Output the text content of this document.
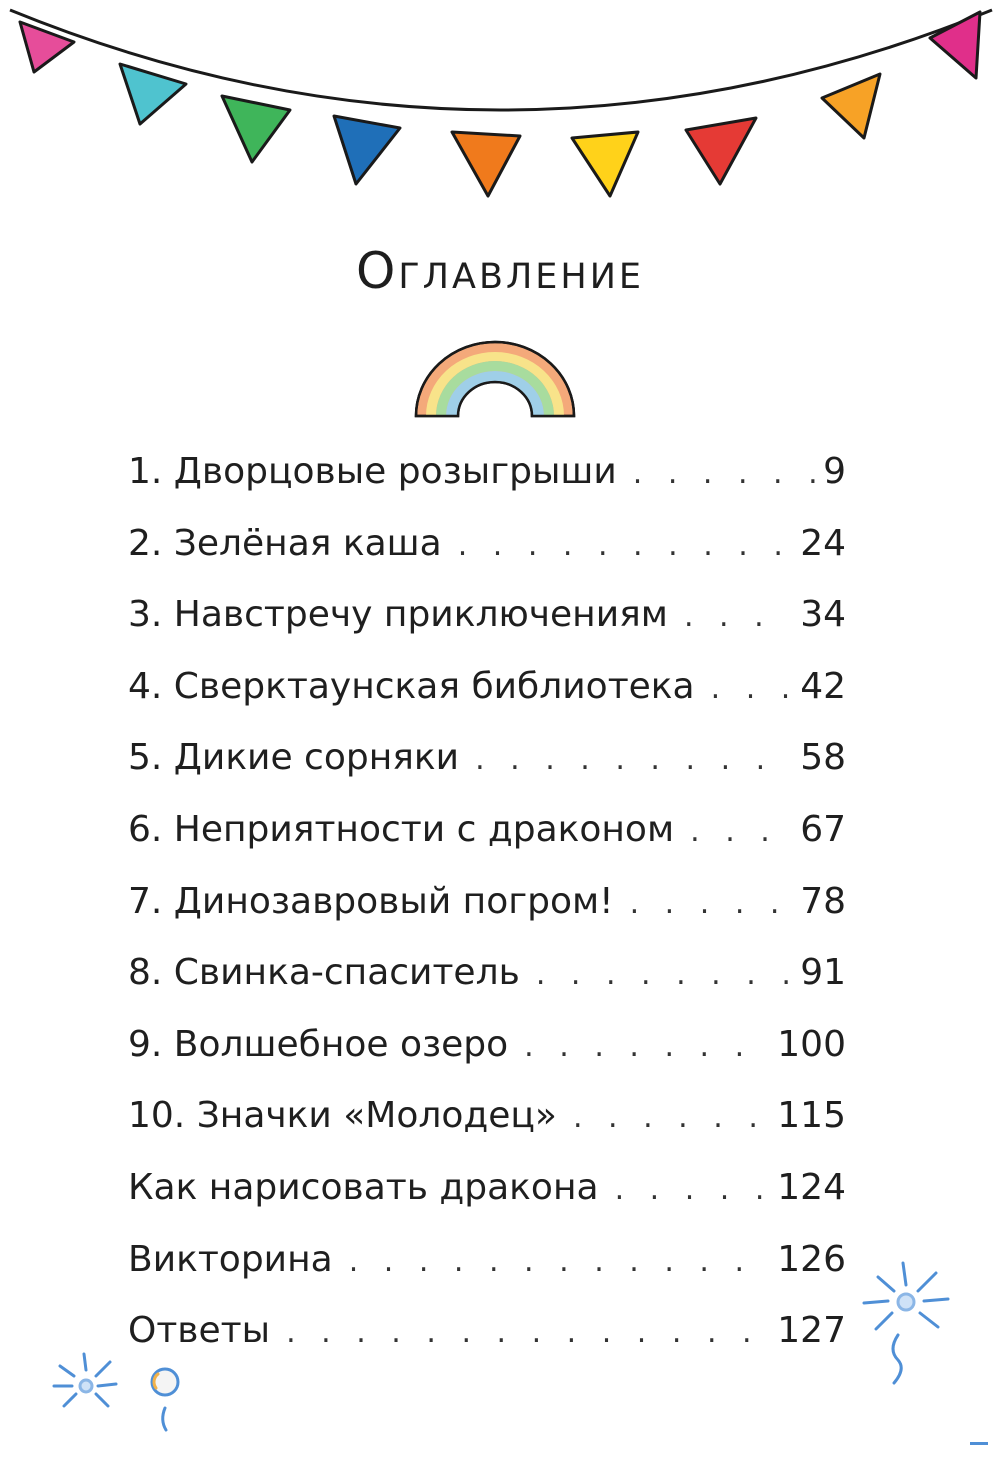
Оглавление
1. Дворцовые розыгрыши . . .	9
2. Зелёная каша . . .	24
3. Навстречу приключениям . . .	34
4. Сверктаунская библиотека . . .	42
5. Дикие сорняки . . .	58
6. Неприятности с драконом . . .	67
7. Динозавровый погром! . . .	78
8. Свинка-спаситель . . .	91
9. Волшебное озеро . . .	100
10. Значки «Молодец» . . .	115
Как нарисовать дракона . . .	124
Викторина . . .	126
Ответы . . .	127
